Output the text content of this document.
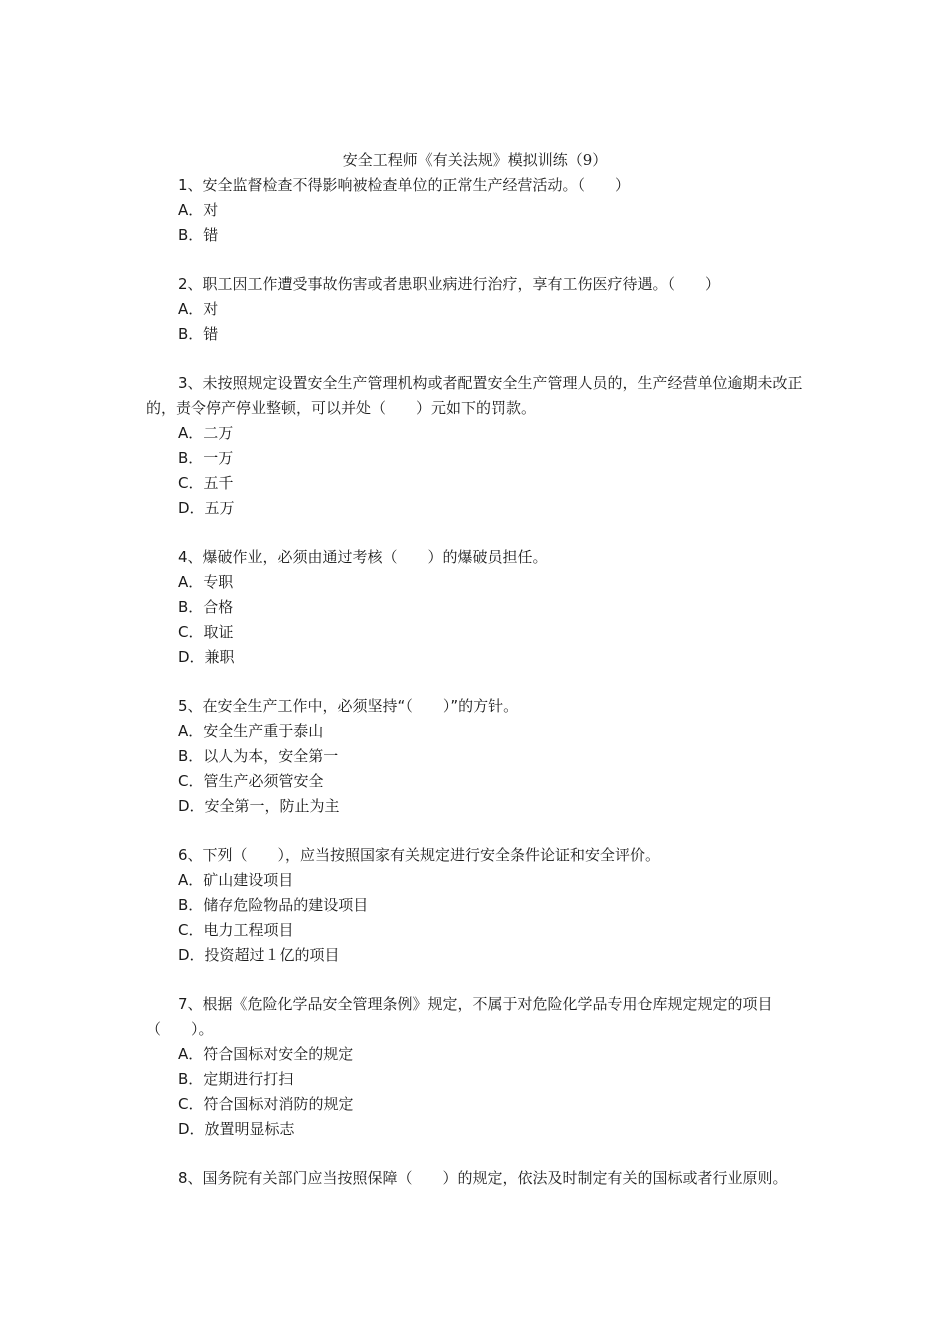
安全工程师《有关法规》模拟训练（9）

1、安全监督检查不得影响被检查单位的正常生产经营活动。（　　）

A．对

B．错

2、职工因工作遭受事故伤害或者患职业病进行治疗，享有工伤医疗待遇。（　　）

A．对

B．错

3、未按照规定设置安全生产管理机构或者配置安全生产管理人员的，生产经营单位逾期未改正的，责令停产停业整顿，可以并处（　　）元如下的罚款。

A．二万

B．一万

C．五千

D．五万

4、爆破作业，必须由通过考核（　　）的爆破员担任。

A．专职

B．合格

C．取证

D．兼职

5、在安全生产工作中，必须坚持“（　　）”的方针。

A．安全生产重于泰山

B．以人为本，安全第一

C．管生产必须管安全

D．安全第一，防止为主

6、下列（　　），应当按照国家有关规定进行安全条件论证和安全评价。

A．矿山建设项目

B．储存危险物品的建设项目

C．电力工程项目

D．投资超过１亿的项目

7、根据《危险化学品安全管理条例》规定，不属于对危险化学品专用仓库规定规定的项目（　　）。

A．符合国标对安全的规定

B．定期进行打扫

C．符合国标对消防的规定

D．放置明显标志

8、国务院有关部门应当按照保障（　　）的规定，依法及时制定有关的国标或者行业原则。
